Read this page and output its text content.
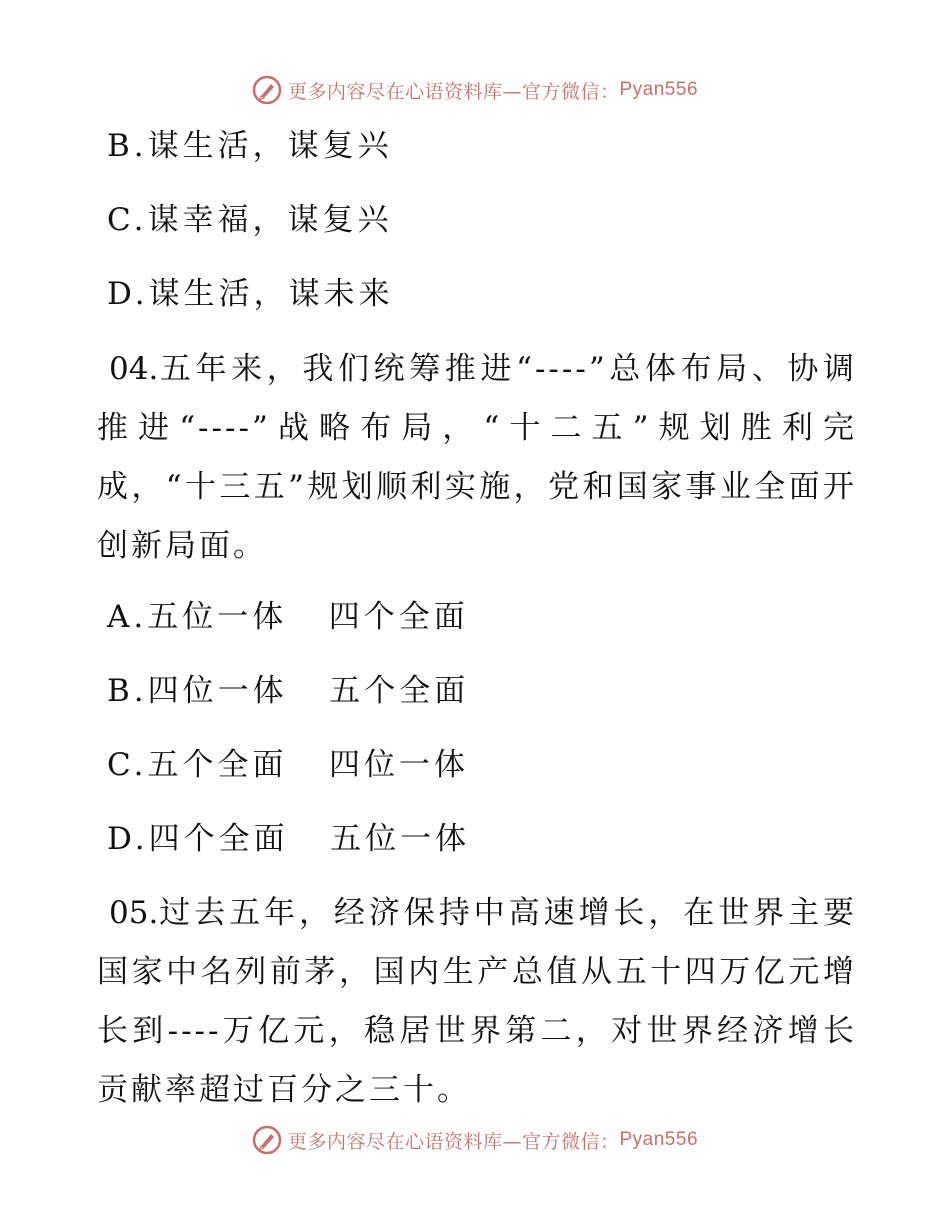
更多内容尽在心语资料库—官方微信： Pyan556
B.谋生活，谋复兴
C.谋幸福，谋复兴
D.谋生活，谋未来
04.五年来，我们统筹推进“----”总体布局、协调推进“----”战略布局，“十二五”规划胜利完成，“十三五”规划顺利实施，党和国家事业全面开创新局面。
A.五位一体   四个全面
B.四位一体   五个全面
C.五个全面   四位一体
D.四个全面   五位一体
05.过去五年，经济保持中高速增长，在世界主要国家中名列前茅，国内生产总值从五十四万亿元增长到----万亿元，稳居世界第二，对世界经济增长贡献率超过百分之三十。
更多内容尽在心语资料库—官方微信： Pyan556
